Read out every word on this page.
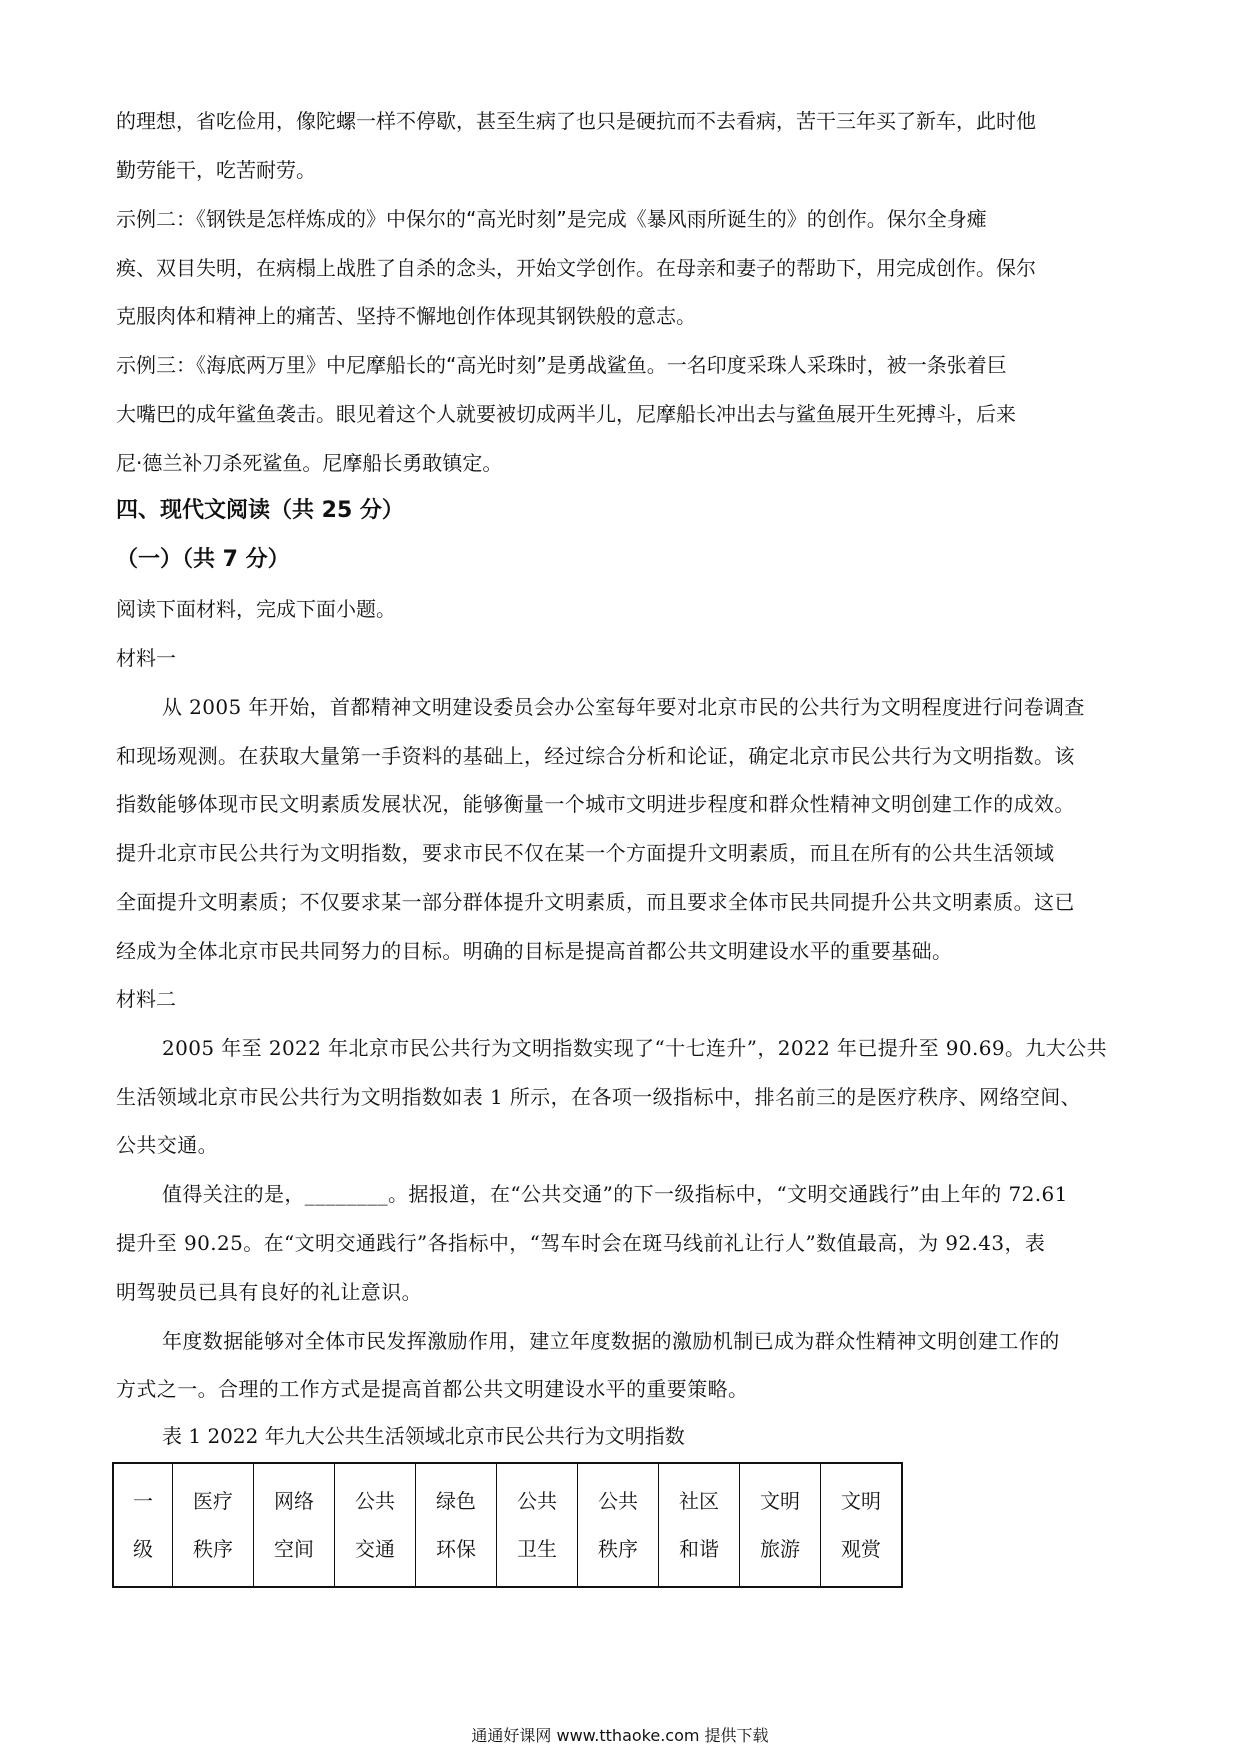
的理想，省吃俭用，像陀螺一样不停歇，甚至生病了也只是硬抗而不去看病，苦干三年买了新车，此时他
勤劳能干，吃苦耐劳。
示例二：《钢铁是怎样炼成的》中保尔的“高光时刻”是完成《暴风雨所诞生的》的创作。保尔全身瘫
痪、双目失明，在病榻上战胜了自杀的念头，开始文学创作。在母亲和妻子的帮助下，用完成创作。保尔
克服肉体和精神上的痛苦、坚持不懈地创作体现其钢铁般的意志。
示例三：《海底两万里》中尼摩船长的“高光时刻”是勇战鲨鱼。一名印度采珠人采珠时，被一条张着巨
大嘴巴的成年鲨鱼袭击。眼见着这个人就要被切成两半儿，尼摩船长冲出去与鲨鱼展开生死搏斗，后来
尼·德兰补刀杀死鲨鱼。尼摩船长勇敢镇定。
四、现代文阅读（共 25 分）
（一）（共 7 分）
阅读下面材料，完成下面小题。
材料一
从 2005 年开始，首都精神文明建设委员会办公室每年要对北京市民的公共行为文明程度进行问卷调查
和现场观测。在获取大量第一手资料的基础上，经过综合分析和论证，确定北京市民公共行为文明指数。该
指数能够体现市民文明素质发展状况，能够衡量一个城市文明进步程度和群众性精神文明创建工作的成效。
提升北京市民公共行为文明指数，要求市民不仅在某一个方面提升文明素质，而且在所有的公共生活领域
全面提升文明素质；不仅要求某一部分群体提升文明素质，而且要求全体市民共同提升公共文明素质。这已
经成为全体北京市民共同努力的目标。明确的目标是提高首都公共文明建设水平的重要基础。
材料二
2005 年至 2022 年北京市民公共行为文明指数实现了“十七连升”，2022 年已提升至 90.69。九大公共
生活领域北京市民公共行为文明指数如表 1 所示，在各项一级指标中，排名前三的是医疗秩序、网络空间、
公共交通。
值得关注的是，________。据报道，在“公共交通”的下一级指标中，“文明交通践行”由上年的 72.61
提升至 90.25。在“文明交通践行”各指标中，“驾车时会在斑马线前礼让行人”数值最高，为 92.43，表
明驾驶员已具有良好的礼让意识。
年度数据能够对全体市民发挥激励作用，建立年度数据的激励机制已成为群众性精神文明创建工作的
方式之一。合理的工作方式是提高首都公共文明建设水平的重要策略。
表 1 2022 年九大公共生活领域北京市民公共行为文明指数
一
级

医疗
秩序

网络
空间

公共
交通

绿色
环保

公共
卫生

公共
秩序

社区
和谐

文明
旅游

文明
观赏
通通好课网 www.tthaoke.com 提供下载
